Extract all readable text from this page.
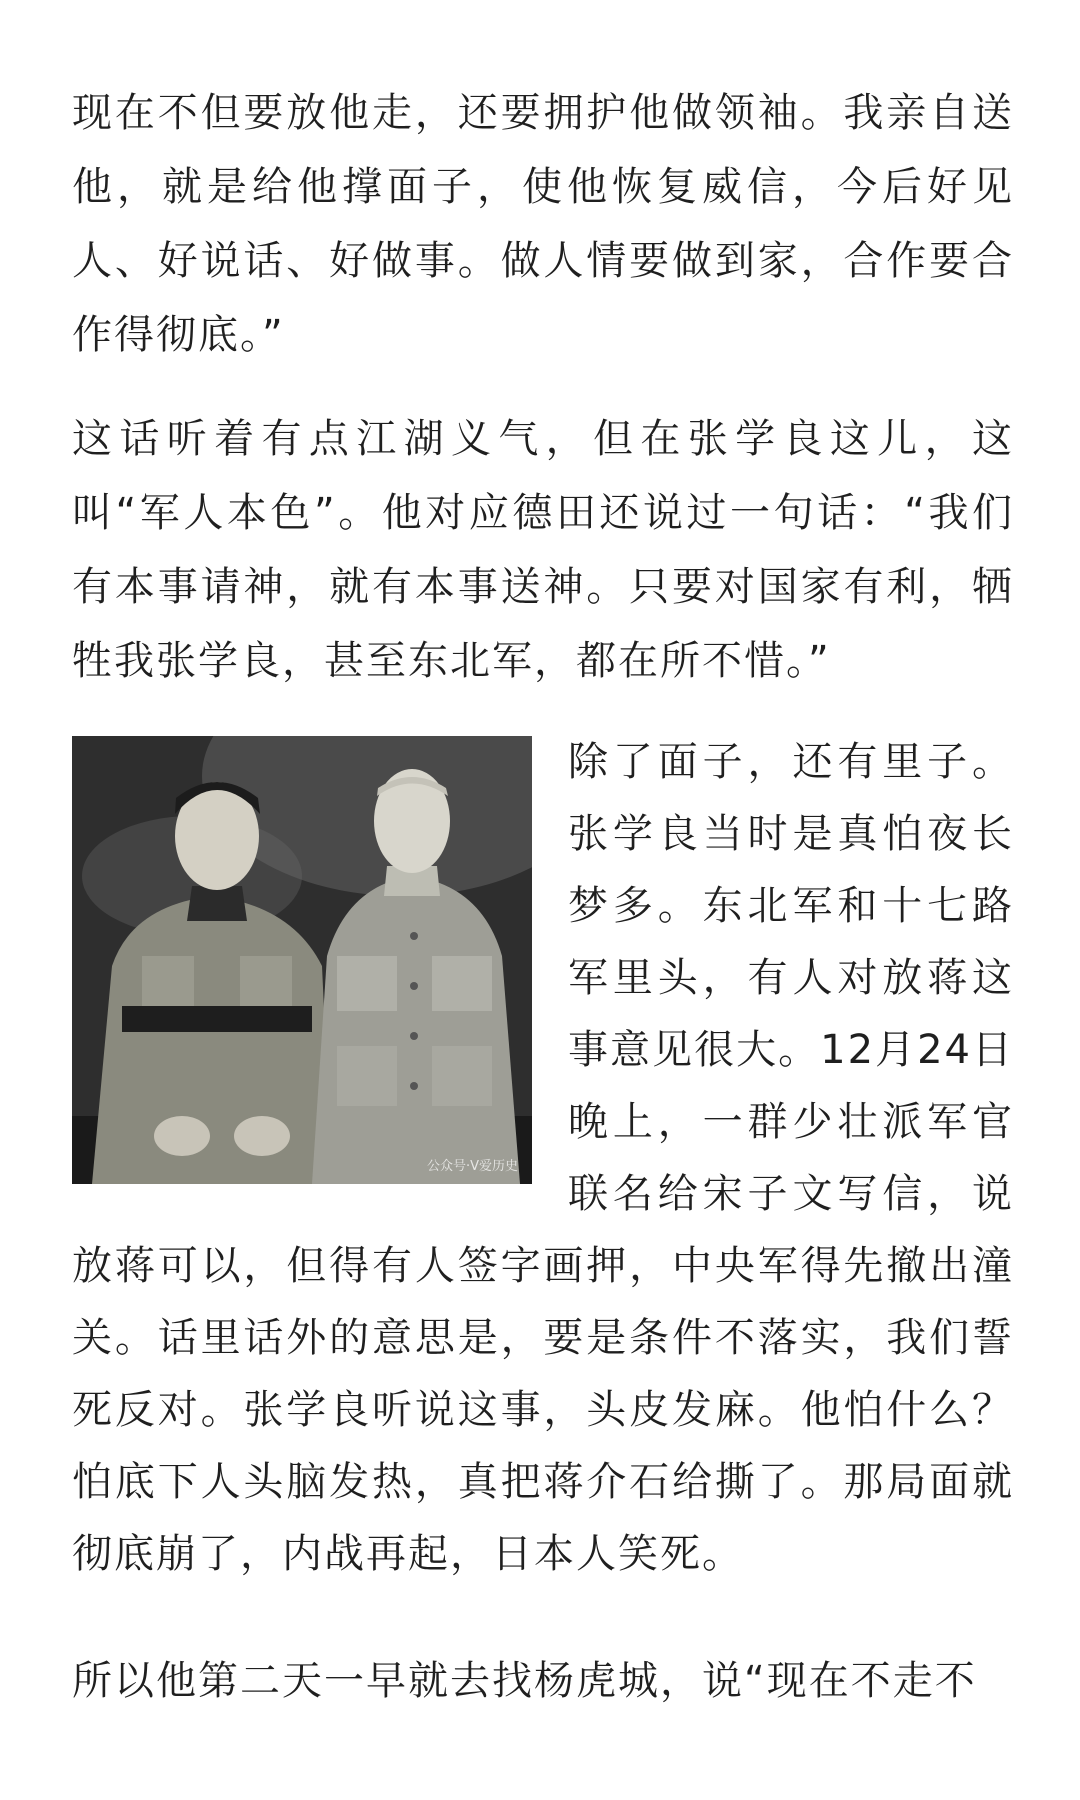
现在不但要放他走，还要拥护他做领袖。我亲自送他，就是给他撑面子，使他恢复威信，今后好见人、好说话、好做事。做人情要做到家，合作要合作得彻底。”

这话听着有点江湖义气，但在张学良这儿，这叫“军人本色”。他对应德田还说过一句话：“我们有本事请神，就有本事送神。只要对国家有利，牺牲我张学良，甚至东北军，都在所不惜。”

公众号·V爱历史

除了面子，还有里子。张学良当时是真怕夜长梦多。东北军和十七路军里头，有人对放蒋这事意见很大。12月24日晚上，一群少壮派军官联名给宋子文写信，说放蒋可以，但得有人签字画押，中央军得先撤出潼关。话里话外的意思是，要是条件不落实，我们誓死反对。张学良听说这事，头皮发麻。他怕什么？怕底下人头脑发热，真把蒋介石给撕了。那局面就彻底崩了，内战再起，日本人笑死。

所以他第二天一早就去找杨虎城，说“现在不走不
